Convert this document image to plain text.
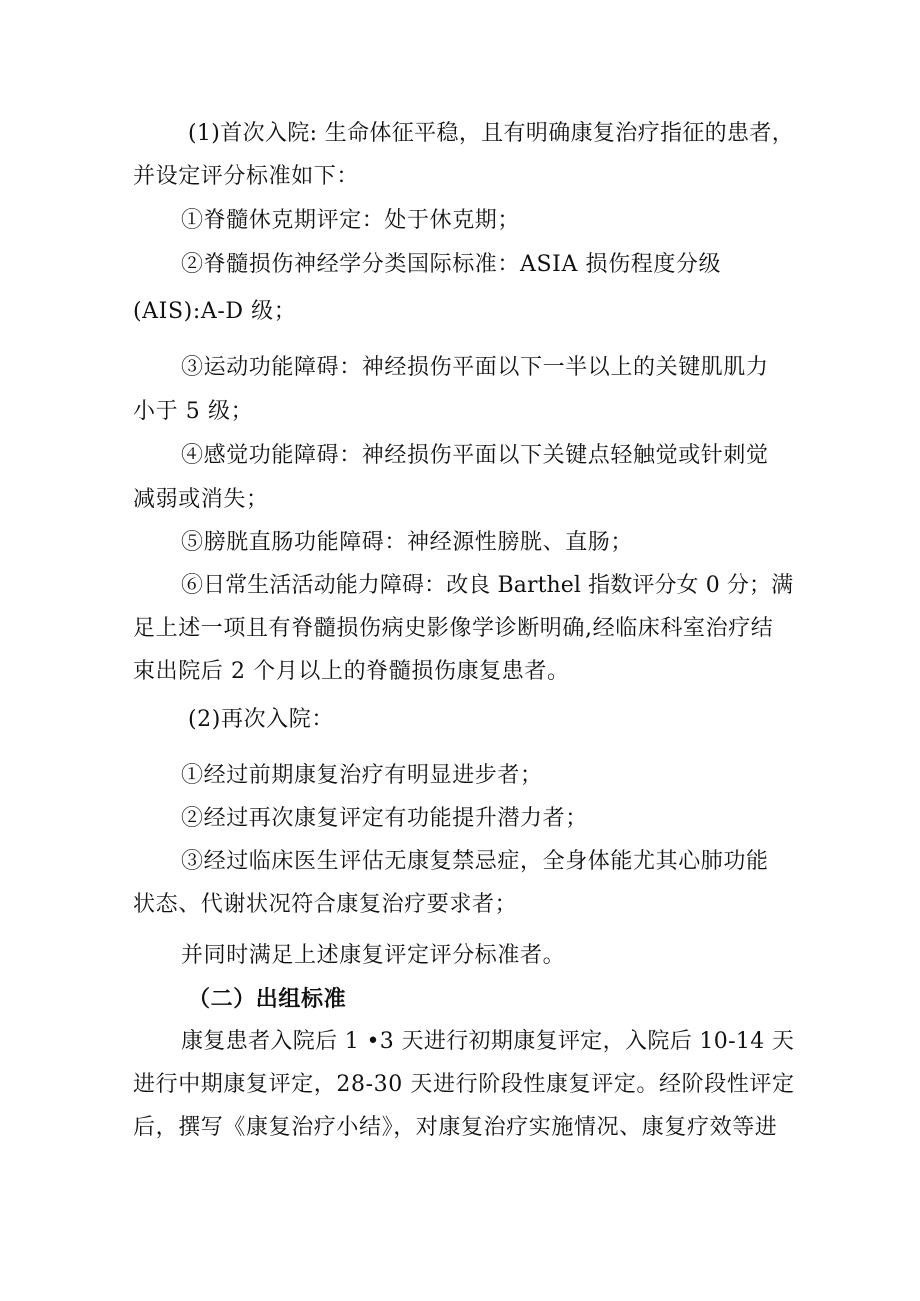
(1)首次入院: 生命体征平稳，且有明确康复治疗指征的患者，
并设定评分标准如下：
①脊髓休克期评定：处于休克期；
②脊髓损伤神经学分类国际标准：ASIA 损伤程度分级
(AIS):A-D 级；
③运动功能障碍：神经损伤平面以下一半以上的关键肌肌力
小于 5 级；
④感觉功能障碍：神经损伤平面以下关键点轻触觉或针刺觉
减弱或消失；
⑤膀胱直肠功能障碍：神经源性膀胱、直肠；
⑥日常生活活动能力障碍：改良 Barthel 指数评分女 0 分；满
足上述一项且有脊髓损伤病史影像学诊断明确,经临床科室治疗结
束出院后 2 个月以上的脊髓损伤康复患者。
(2)再次入院：
①经过前期康复治疗有明显进步者；
②经过再次康复评定有功能提升潜力者；
③经过临床医生评估无康复禁忌症，全身体能尤其心肺功能
状态、代谢状况符合康复治疗要求者；
并同时满足上述康复评定评分标准者。
（二）出组标准
康复患者入院后 1 •3 天进行初期康复评定，入院后 10-14 天
进行中期康复评定，28-30 天进行阶段性康复评定。经阶段性评定
后，撰写《康复治疗小结》，对康复治疗实施情况、康复疗效等进
